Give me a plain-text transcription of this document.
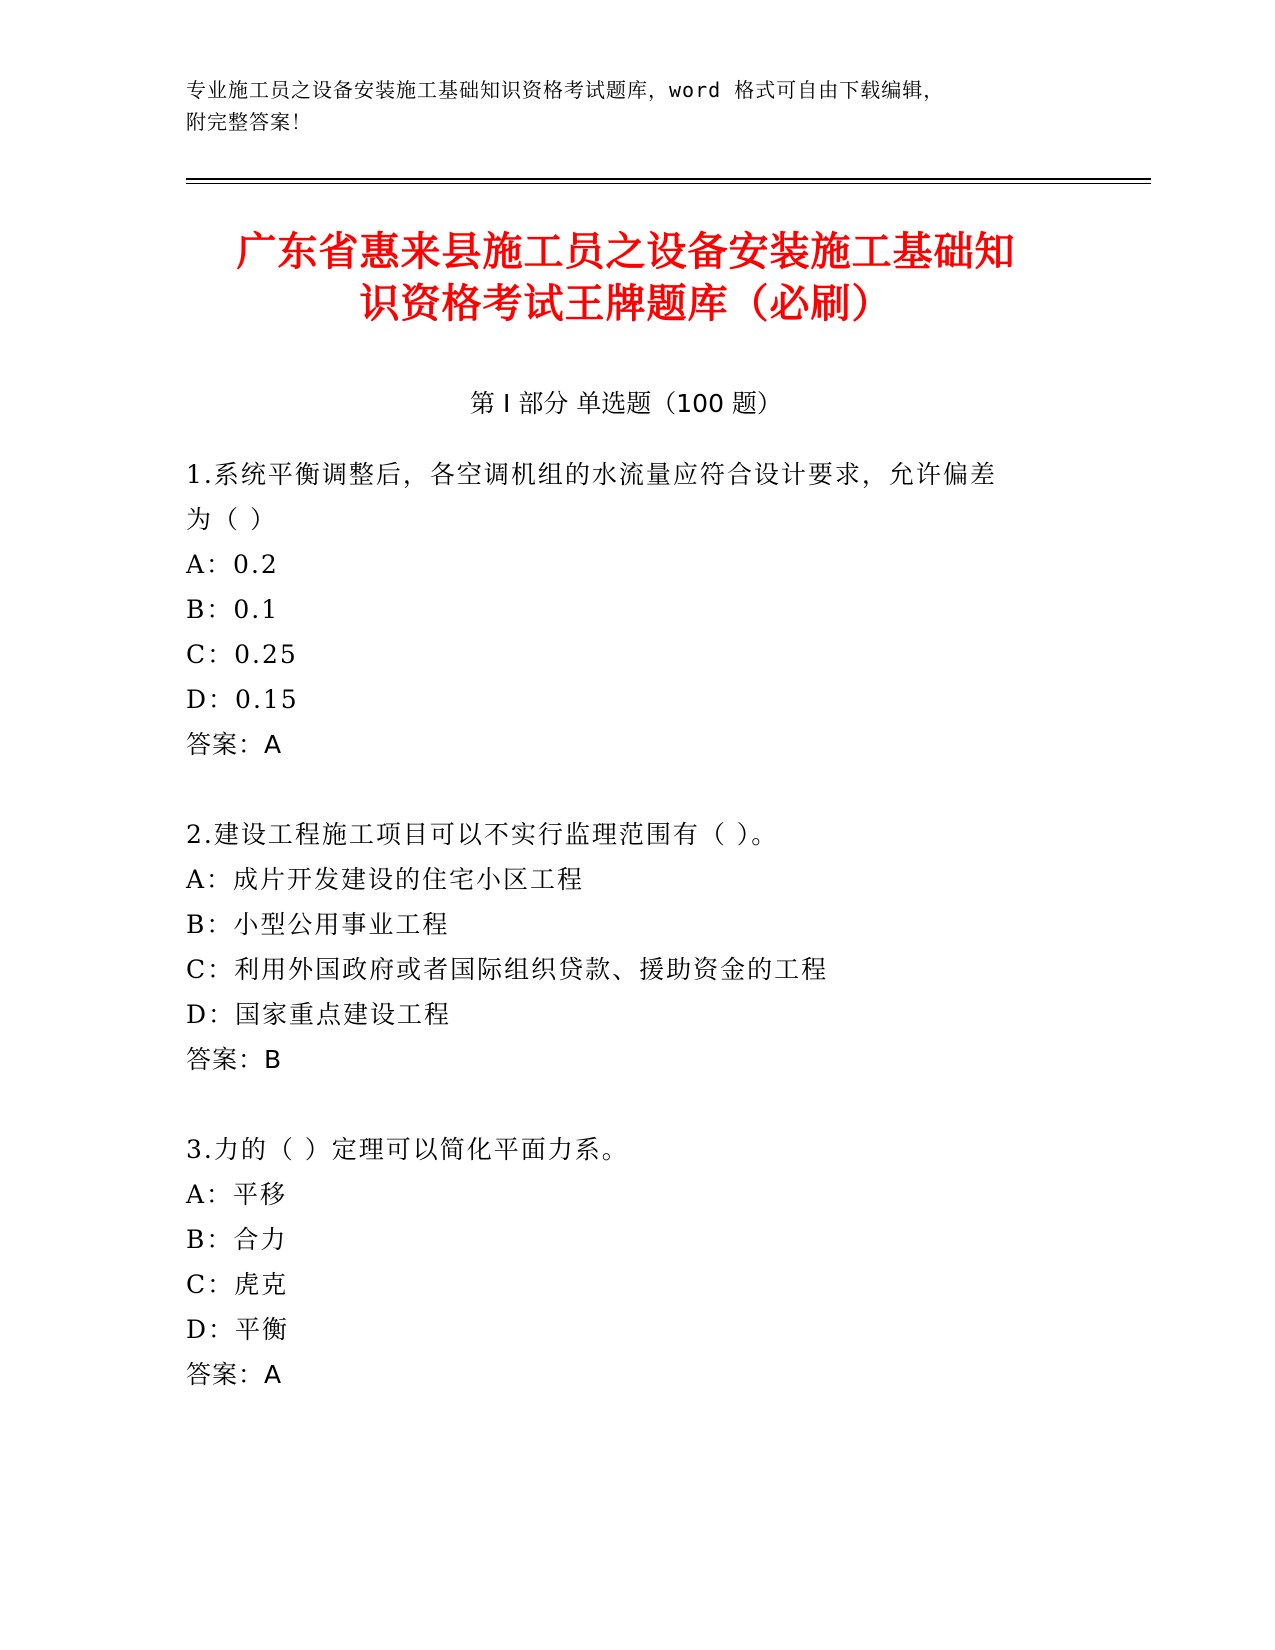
专业施工员之设备安装施工基础知识资格考试题库，word 格式可自由下载编辑，
附完整答案！
广东省惠来县施工员之设备安装施工基础知
识资格考试王牌题库（必刷）
第 I 部分 单选题（100 题）
1.系统平衡调整后，各空调机组的水流量应符合设计要求，允许偏差
为（ ）
A：0.2
B：0.1
C：0.25
D：0.15
答案：A
2.建设工程施工项目可以不实行监理范围有（ ）。
A：成片开发建设的住宅小区工程
B：小型公用事业工程
C：利用外国政府或者国际组织贷款、援助资金的工程
D：国家重点建设工程
答案：B
3.力的（ ）定理可以简化平面力系。
A：平移
B：合力
C：虎克
D：平衡
答案：A
